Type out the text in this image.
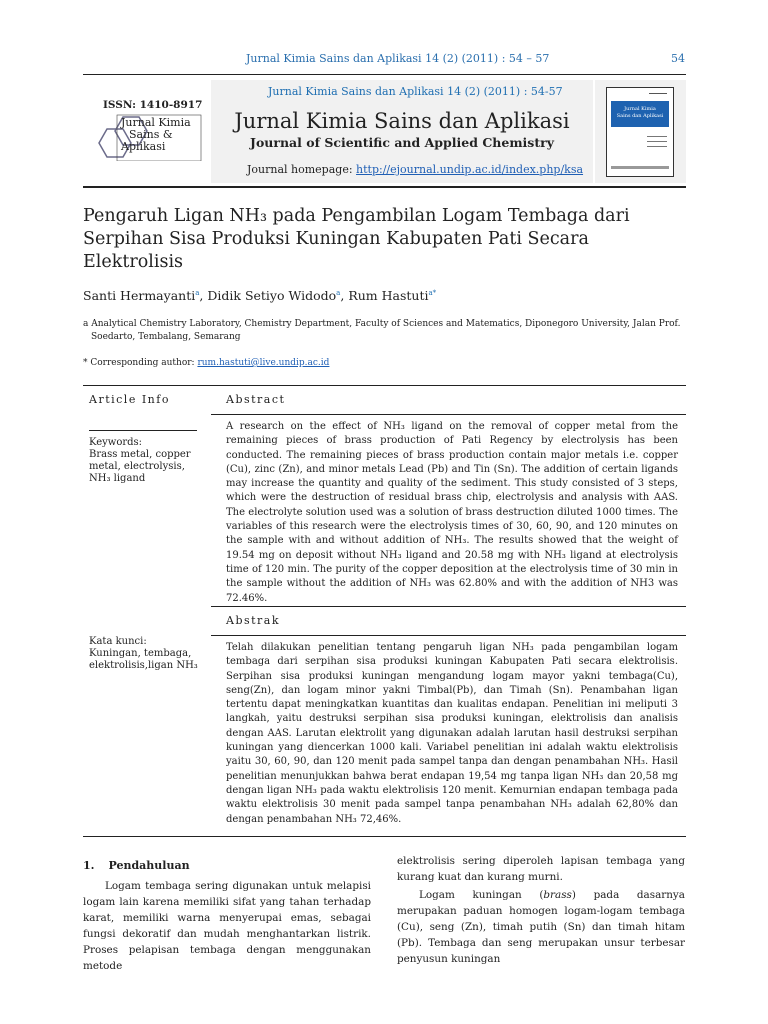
Jurnal Kimia Sains dan Aplikasi 14 (2) (2011) : 54 – 57	54
ISSN: 1410-8917
Jurnal Kimia
Sains &
Aplikasi
Jurnal Kimia Sains dan Aplikasi 14 (2) (2011) : 54-57
Jurnal Kimia Sains dan Aplikasi
Journal of Scientific and Applied Chemistry
Journal homepage: http://ejournal.undip.ac.id/index.php/ksa
Jurnal Kimia
Sains dan Aplikasi
Pengaruh Ligan NH₃ pada Pengambilan Logam Tembaga dari Serpihan Sisa Produksi Kuningan Kabupaten Pati Secara Elektrolisis
Santi Hermayanti$^a$, Didik Setiyo Widodo$^a$, Rum Hastuti$^{a*}$
a Analytical Chemistry Laboratory, Chemistry Department, Faculty of Sciences and Matematics, Diponegoro University, Jalan Prof.
Soedarto, Tembalang, Semarang
* Corresponding author: rum.hastuti@live.undip.ac.id
Article Info
Keywords:
Brass metal, copper metal, electrolysis, NH₃ ligand
Kata kunci:
Kuningan, tembaga, elektrolisis,ligan NH₃
Abstract
A research on the effect of NH₃ ligand on the removal of copper metal from the remaining pieces of brass production of Pati Regency by electrolysis has been conducted. The remaining pieces of brass production contain major metals i.e. copper (Cu), zinc (Zn), and minor metals Lead (Pb) and Tin (Sn). The addition of certain ligands may increase the quantity and quality of the sediment. This study consisted of 3 steps, which were the destruction of residual brass chip, electrolysis and analysis with AAS. The electrolyte solution used was a solution of brass destruction diluted 1000 times. The variables of this research were the electrolysis times of 30, 60, 90, and 120 minutes on the sample with and without addition of NH₃. The results showed that the weight of 19.54 mg on deposit without NH₃ ligand and 20.58 mg with NH₃ ligand at electrolysis time of 120 min. The purity of the copper deposition at the electrolysis time of 30 min in the sample without the addition of NH₃ was 62.80% and with the addition of NH3 was 72.46%.
Abstrak
Telah dilakukan penelitian tentang pengaruh ligan NH₃ pada pengambilan logam tembaga dari serpihan sisa produksi kuningan Kabupaten Pati secara elektrolisis. Serpihan sisa produksi kuningan mengandung logam mayor yakni tembaga(Cu), seng(Zn), dan logam minor yakni Timbal(Pb), dan Timah (Sn). Penambahan ligan tertentu dapat meningkatkan kuantitas dan kualitas endapan. Penelitian ini meliputi 3 langkah, yaitu destruksi serpihan sisa produksi kuningan, elektrolisis dan analisis dengan AAS. Larutan elektrolit yang digunakan adalah larutan hasil destruksi serpihan kuningan yang diencerkan 1000 kali. Variabel penelitian ini adalah waktu elektrolisis yaitu 30, 60, 90, dan 120 menit pada sampel tanpa dan dengan penambahan NH₃. Hasil penelitian menunjukkan bahwa berat endapan 19,54 mg tanpa ligan NH₃ dan 20,58 mg dengan ligan NH₃ pada waktu elektrolisis 120 menit. Kemurnian endapan tembaga pada waktu elektrolisis 30 menit pada sampel tanpa penambahan NH₃ adalah 62,80% dan dengan penambahan NH₃ 72,46%.
1. Pendahuluan
Logam tembaga sering digunakan untuk melapisi logam lain karena memiliki sifat yang tahan terhadap karat, memiliki warna menyerupai emas, sebagai fungsi dekoratif dan mudah menghantarkan listrik. Proses pelapisan tembaga dengan menggunakan metode
elektrolisis sering diperoleh lapisan tembaga yang kurang kuat dan kurang murni.
Logam kuningan (brass) pada dasarnya merupakan paduan homogen logam-logam tembaga (Cu), seng (Zn), timah putih (Sn) dan timah hitam (Pb). Tembaga dan seng merupakan unsur terbesar penyusun kuningan
